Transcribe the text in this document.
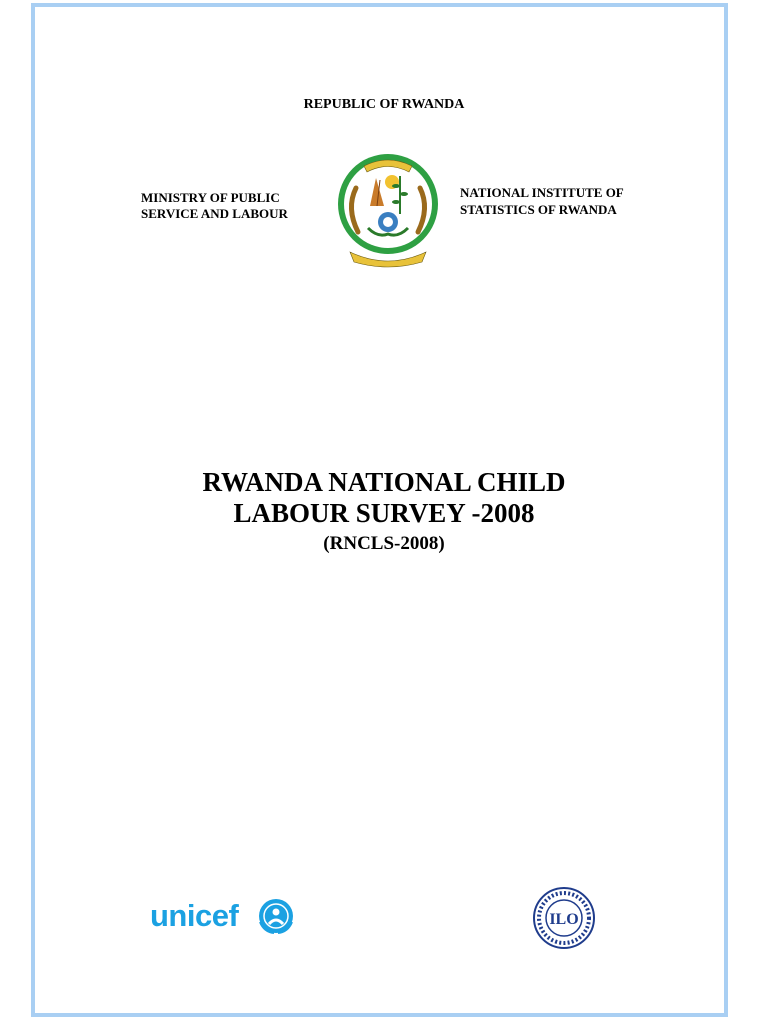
REPUBLIC OF RWANDA
MINISTRY OF PUBLIC
SERVICE AND LABOUR
NATIONAL INSTITUTE OF
STATISTICS OF RWANDA
RWANDA NATIONAL CHILD
LABOUR SURVEY -2008
(RNCLS-2008)
unicef	ILO
